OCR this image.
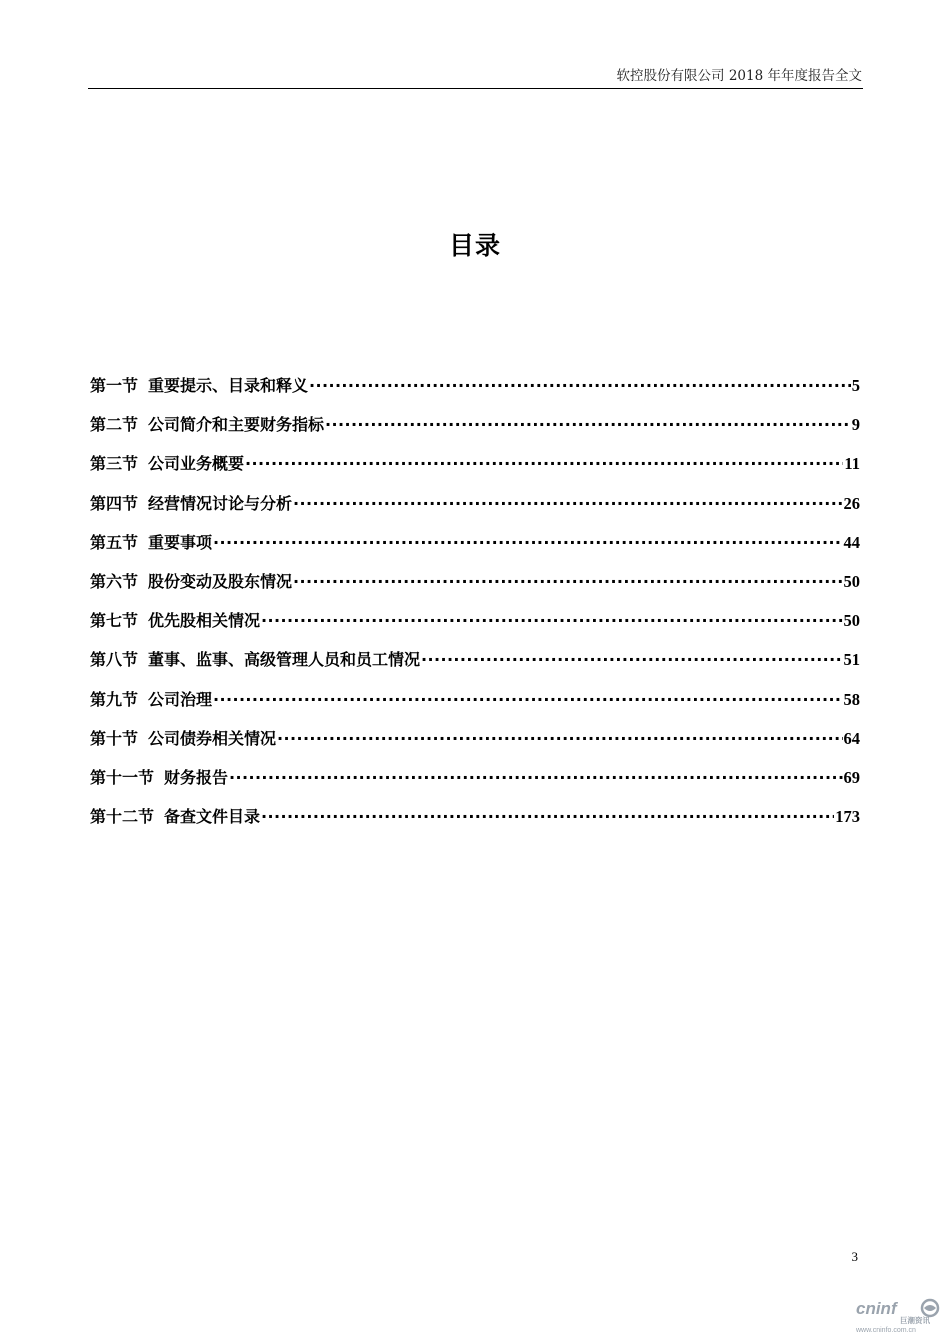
软控股份有限公司 2018 年年度报告全文
目录
第一节 重要提示、目录和释义 .....	5
第二节 公司简介和主要财务指标 .....	9
第三节 公司业务概要 .....	11
第四节 经营情况讨论与分析 .....	26
第五节 重要事项 .....	44
第六节 股份变动及股东情况 .....	50
第七节 优先股相关情况 .....	50
第八节 董事、监事、高级管理人员和员工情况 .....	51
第九节 公司治理 .....	58
第十节 公司债券相关情况 .....	64
第十一节 财务报告 .....	69
第十二节 备查文件目录 .....	173
3
cninf
巨潮资讯
www.cninfo.com.cn
